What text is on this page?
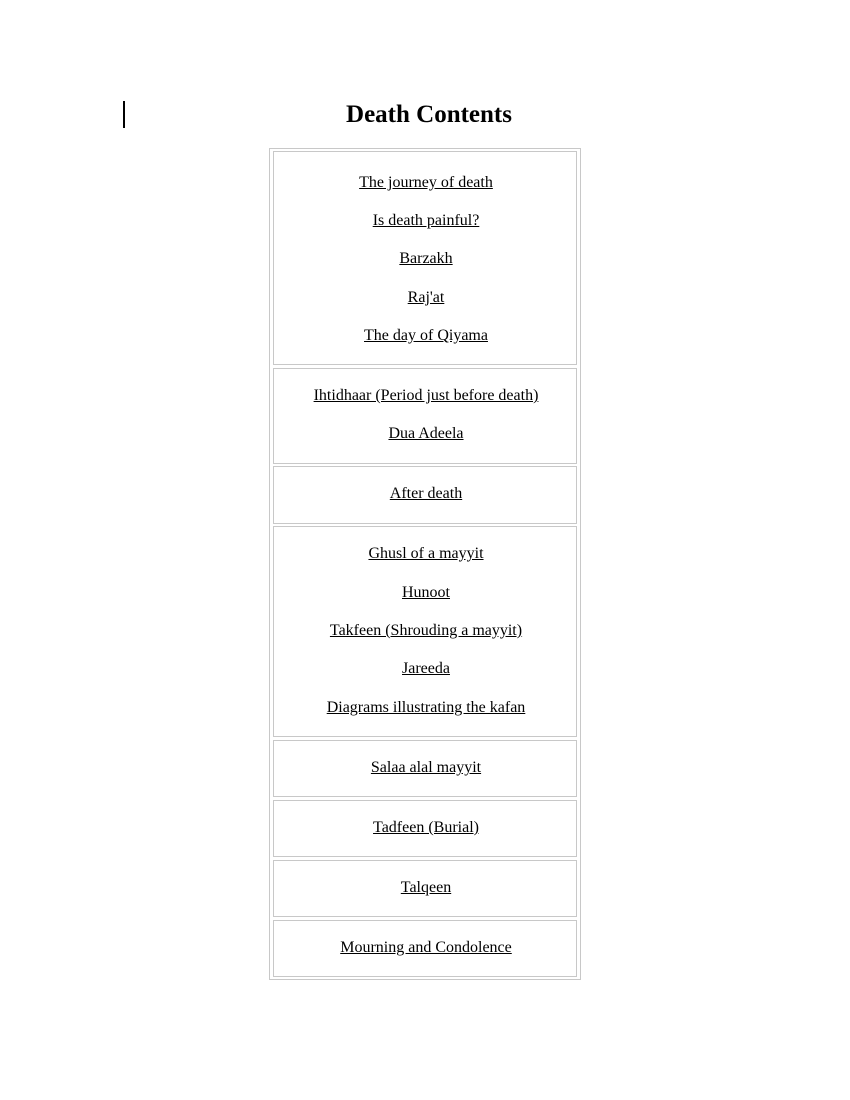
Death Contents
The journey of death
Is death painful?
Barzakh
Raj'at
The day of Qiyama
Ihtidhaar (Period just before death)
Dua Adeela
After death
Ghusl of a mayyit
Hunoot
Takfeen (Shrouding a mayyit)
Jareeda
Diagrams illustrating the kafan
Salaa alal mayyit
Tadfeen (Burial)
Talqeen
Mourning and Condolence
